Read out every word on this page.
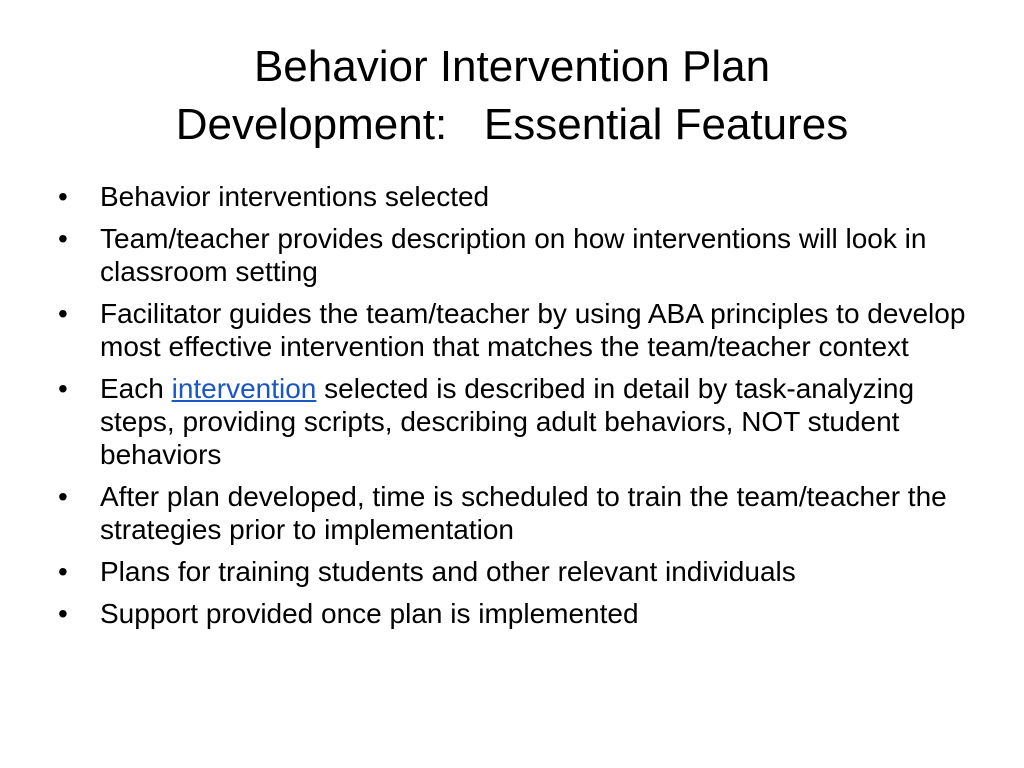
Behavior Intervention Plan
Development:   Essential Features
• Behavior interventions selected
• Team/teacher provides description on how interventions will look in classroom setting
• Facilitator guides the team/teacher by using ABA principles to develop most effective intervention that matches the team/teacher context
• Each intervention selected is described in detail by task-analyzing steps, providing scripts, describing adult behaviors, NOT student behaviors
• After plan developed, time is scheduled to train the team/teacher the strategies prior to implementation
• Plans for training students and other relevant individuals
• Support provided once plan is implemented
